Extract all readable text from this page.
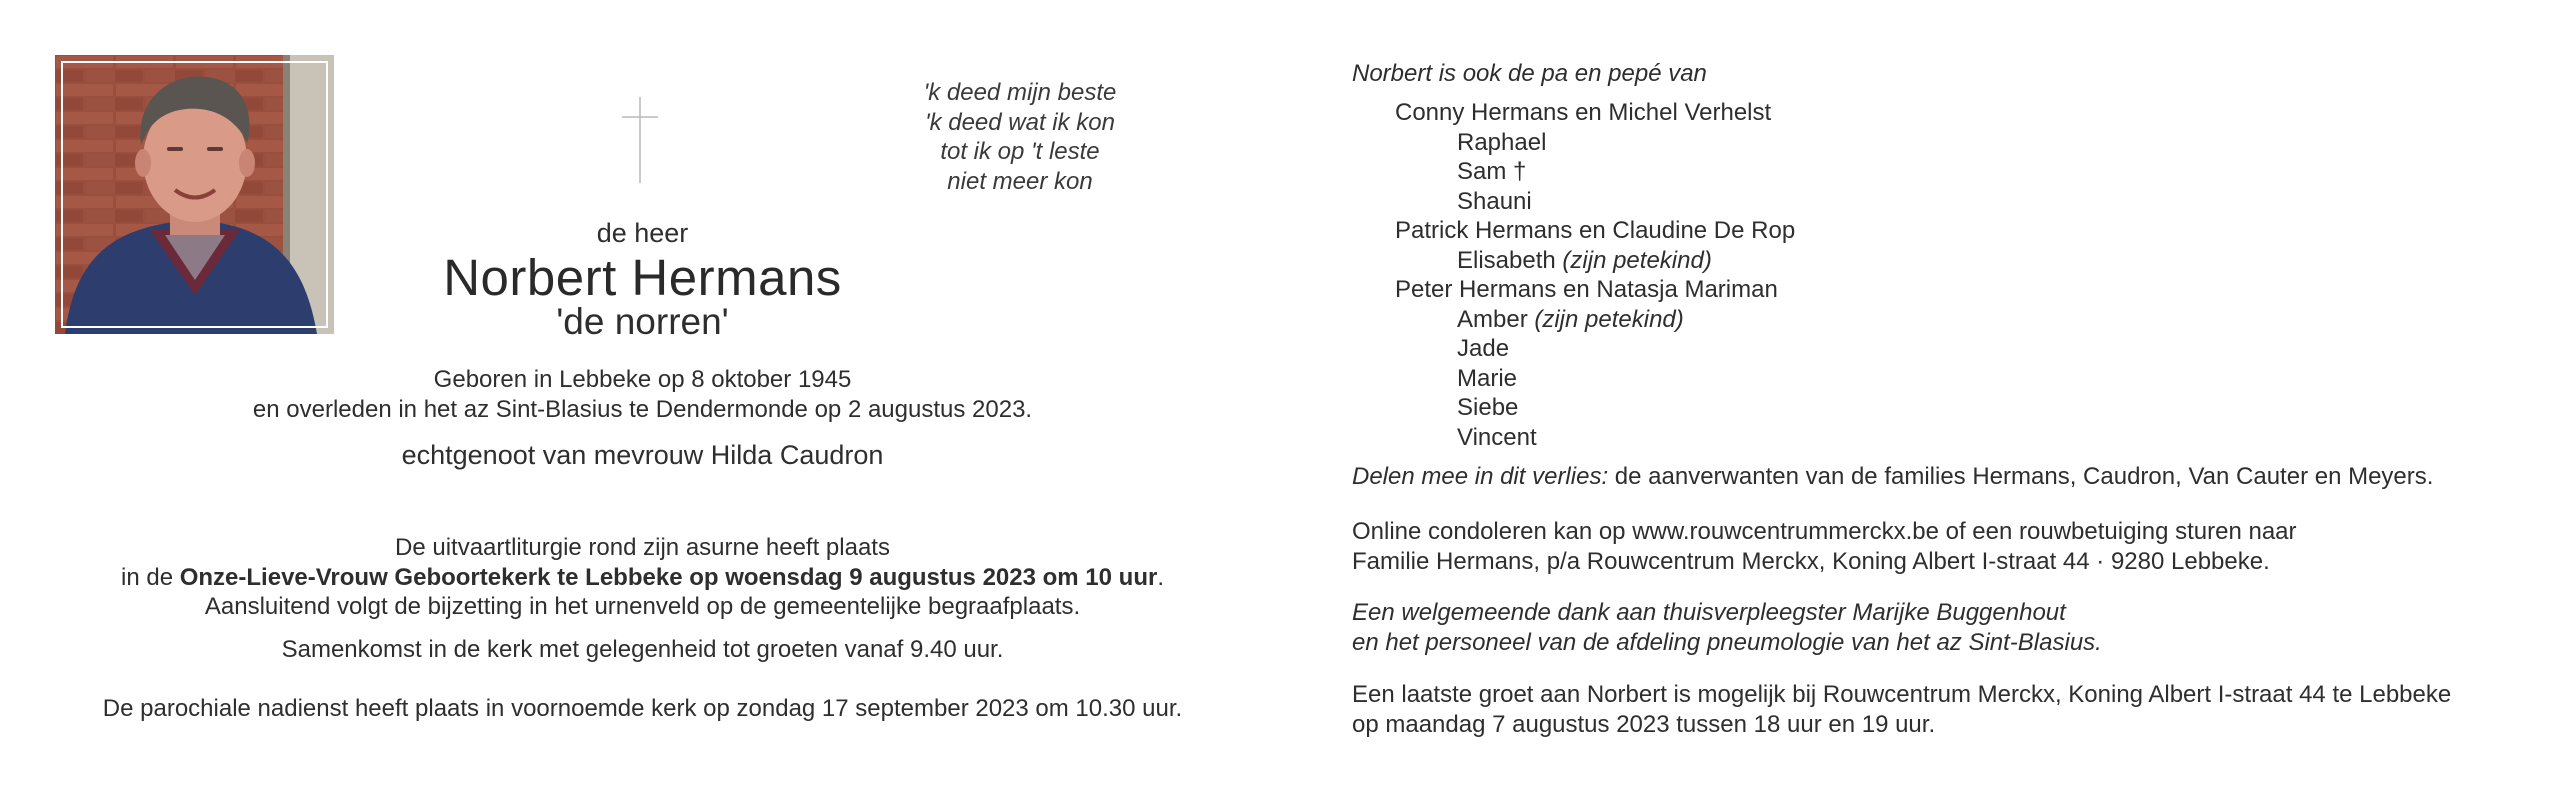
'k deed mijn beste
'k deed wat ik kon
tot ik op 't leste
niet meer kon
de heer
Norbert Hermans
'de norren'
Geboren in Lebbeke op 8 oktober 1945
en overleden in het az Sint-Blasius te Dendermonde op 2 augustus 2023.
echtgenoot van mevrouw Hilda Caudron
De uitvaartliturgie rond zijn asurne heeft plaats
in de Onze-Lieve-Vrouw Geboortekerk te Lebbeke op woensdag 9 augustus 2023 om 10 uur.
Aansluitend volgt de bijzetting in het urnenveld op de gemeentelijke begraafplaats.
Samenkomst in de kerk met gelegenheid tot groeten vanaf 9.40 uur.
De parochiale nadienst heeft plaats in voornoemde kerk op zondag 17 september 2023 om 10.30 uur.
Norbert is ook de pa en pepé van
Conny Hermans en Michel Verhelst
Raphael
Sam †
Shauni
Patrick Hermans en Claudine De Rop
Elisabeth (zijn petekind)
Peter Hermans en Natasja Mariman
Amber (zijn petekind)
Jade
Marie
Siebe
Vincent
Delen mee in dit verlies: de aanverwanten van de families Hermans, Caudron, Van Cauter en Meyers.
Online condoleren kan op www.rouwcentrummerckx.be of een rouwbetuiging sturen naar
Familie Hermans, p/a Rouwcentrum Merckx, Koning Albert I-straat 44 · 9280 Lebbeke.
Een welgemeende dank aan thuisverpleegster Marijke Buggenhout
en het personeel van de afdeling pneumologie van het az Sint-Blasius.
Een laatste groet aan Norbert is mogelijk bij Rouwcentrum Merckx, Koning Albert I-straat 44 te Lebbeke
op maandag 7 augustus 2023 tussen 18 uur en 19 uur.
